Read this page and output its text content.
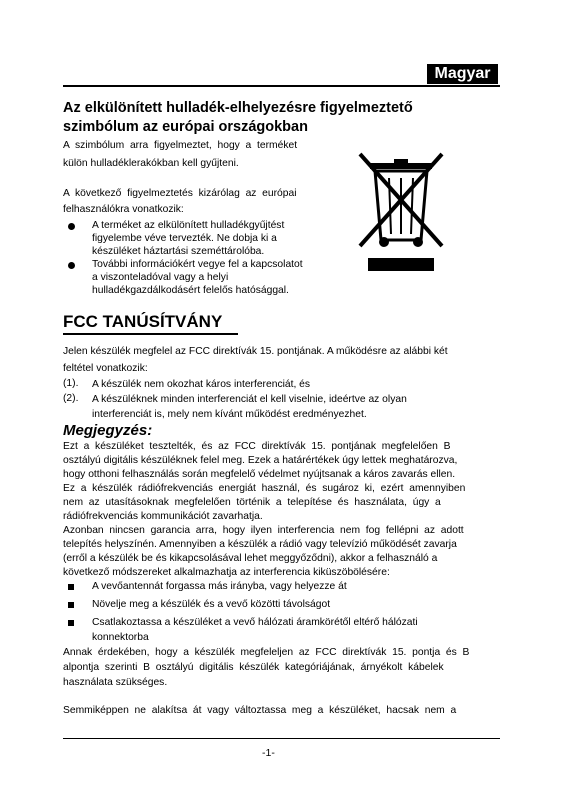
Magyar
Az elkülönített hulladék-elhelyezésre figyelmeztető
szimbólum az európai országokban
A  szimbólum  arra  figyelmeztet,  hogy  a  terméket
külön hulladéklerakókban kell gyűjteni.
A  következő  figyelmeztetés  kizárólag  az  európai
felhasználókra vonatkozik:
A terméket az elkülönített hulladékgyűjtést
figyelembe véve tervezték. Ne dobja ki a
készüléket háztartási szeméttárolóba.
További információkért vegye fel a kapcsolatot
a viszonteladóval vagy a helyi
hulladékgazdálkodásért felelős hatósággal.
FCC TANÚSÍTVÁNY
Jelen készülék megfelel az FCC direktívák 15. pontjának. A működésre az alábbi két
feltétel vonatkozik:
(1). A készülék nem okozhat káros interferenciát, és
(2). A készüléknek minden interferenciát el kell viselnie, ideértve az olyan
interferenciát is, mely nem kívánt működést eredményezhet.
Megjegyzés:
Ezt  a  készüléket  tesztelték,  és  az  FCC  direktívák  15.  pontjának  megfelelően  B
osztályú digitális készüléknek felel meg. Ezek a határértékek úgy lettek meghatározva,
hogy otthoni felhasználás során megfelelő védelmet nyújtsanak a káros zavarás ellen.
Ez  a  készülék  rádiófrekvenciás  energiát  használ,  és  sugároz  ki,  ezért  amennyiben
nem  az  utasításoknak  megfelelően  történik  a  telepítése  és  használata,  úgy  a
rádiófrekvenciás kommunikációt zavarhatja.
Azonban  nincsen  garancia  arra,  hogy  ilyen  interferencia  nem  fog  fellépni  az  adott
telepítés helyszínén. Amennyiben a készülék a rádió vagy televízió működését zavarja
(erről a készülék be és kikapcsolásával lehet meggyőződni), akkor a felhasználó a
következő módszereket alkalmazhatja az interferencia kiküszöbölésére:
A vevőantennát forgassa más irányba, vagy helyezze át
Növelje meg a készülék és a vevő közötti távolságot
Csatlakoztassa a készüléket a vevő hálózati áramkörétől eltérő hálózati
konnektorba
Annak  érdekében,  hogy  a  készülék  megfeleljen  az  FCC  direktívák  15.  pontja  és  B
alpontja  szerinti  B  osztályú  digitális  készülék  kategóriájának,  árnyékolt  kábelek
használata szükséges.
Semmiképpen  ne  alakítsa  át  vagy  változtassa  meg  a  készüléket,  hacsak  nem  a
-1-
